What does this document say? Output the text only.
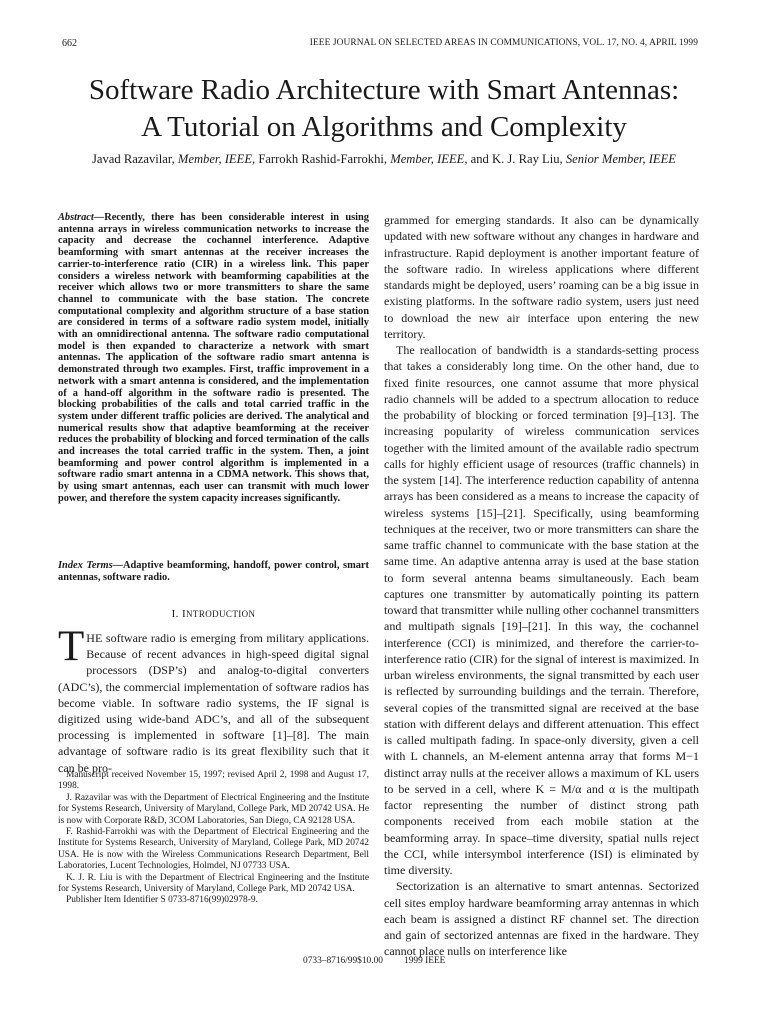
662	IEEE JOURNAL ON SELECTED AREAS IN COMMUNICATIONS, VOL. 17, NO. 4, APRIL 1999
Software Radio Architecture with Smart Antennas:
A Tutorial on Algorithms and Complexity
Javad Razavilar, Member, IEEE, Farrokh Rashid-Farrokhi, Member, IEEE, and K. J. Ray Liu, Senior Member, IEEE
Abstract—Recently, there has been considerable interest in using antenna arrays in wireless communication networks to increase the capacity and decrease the cochannel interference. Adaptive beamforming with smart antennas at the receiver increases the carrier-to-interference ratio (CIR) in a wireless link. This paper considers a wireless network with beamforming capabilities at the receiver which allows two or more transmitters to share the same channel to communicate with the base station. The concrete computational complexity and algorithm structure of a base station are considered in terms of a software radio system model, initially with an omnidirectional antenna. The software radio computational model is then expanded to characterize a network with smart antennas. The application of the software radio smart antenna is demonstrated through two examples. First, traffic improvement in a network with a smart antenna is considered, and the implementation of a hand-off algorithm in the software radio is presented. The blocking probabilities of the calls and total carried traffic in the system under different traffic policies are derived. The analytical and numerical results show that adaptive beamforming at the receiver reduces the probability of blocking and forced termination of the calls and increases the total carried traffic in the system. Then, a joint beamforming and power control algorithm is implemented in a software radio smart antenna in a CDMA network. This shows that, by using smart antennas, each user can transmit with much lower power, and therefore the system capacity increases significantly.
Index Terms—Adaptive beamforming, handoff, power control, smart antennas, software radio.
I. INTRODUCTION
THE software radio is emerging from military applications. Because of recent advances in high-speed digital signal processors (DSP’s) and analog-to-digital converters (ADC’s), the commercial implementation of software radios has become viable. In software radio systems, the IF signal is digitized using wide-band ADC’s, and all of the subsequent processing is implemented in software [1]–[8]. The main advantage of software radio is its great flexibility such that it can be pro-

Manuscript received November 15, 1997; revised April 2, 1998 and August 17, 1998.

J. Razavilar was with the Department of Electrical Engineering and the Institute for Systems Research, University of Maryland, College Park, MD 20742 USA. He is now with Corporate R&D, 3COM Laboratories, San Diego, CA 92128 USA.

F. Rashid-Farrokhi was with the Department of Electrical Engineering and the Institute for Systems Research, University of Maryland, College Park, MD 20742 USA. He is now with the Wireless Communications Research Department, Bell Laboratories, Lucent Technologies, Holmdel, NJ 07733 USA.

K. J. R. Liu is with the Department of Electrical Engineering and the Institute for Systems Research, University of Maryland, College Park, MD 20742 USA.

Publisher Item Identifier S 0733-8716(99)02978-9.

grammed for emerging standards. It also can be dynamically updated with new software without any changes in hardware and infrastructure. Rapid deployment is another important feature of the software radio. In wireless applications where different standards might be deployed, users’ roaming can be a big issue in existing platforms. In the software radio system, users just need to download the new air interface upon entering the new territory.

The reallocation of bandwidth is a standards-setting process that takes a considerably long time. On the other hand, due to fixed finite resources, one cannot assume that more physical radio channels will be added to a spectrum allocation to reduce the probability of blocking or forced termination [9]–[13]. The increasing popularity of wireless communication services together with the limited amount of the available radio spectrum calls for highly efficient usage of resources (traffic channels) in the system [14]. The interference reduction capability of antenna arrays has been considered as a means to increase the capacity of wireless systems [15]–[21]. Specifically, using beamforming techniques at the receiver, two or more transmitters can share the same traffic channel to communicate with the base station at the same time. An adaptive antenna array is used at the base station to form several antenna beams simultaneously. Each beam captures one transmitter by automatically pointing its pattern toward that transmitter while nulling other cochannel transmitters and multipath signals [19]–[21]. In this way, the cochannel interference (CCI) is minimized, and therefore the carrier-to-interference ratio (CIR) for the signal of interest is maximized. In urban wireless environments, the signal transmitted by each user is reflected by surrounding buildings and the terrain. Therefore, several copies of the transmitted signal are received at the base station with different delays and different attenuation. This effect is called multipath fading. In space-only diversity, given a cell with L channels, an M-element antenna array that forms M−1 distinct array nulls at the receiver allows a maximum of KL users to be served in a cell, where K = M/α and α is the multipath factor representing the number of distinct strong path components received from each mobile station at the beamforming array. In space–time diversity, spatial nulls reject the CCI, while intersymbol interference (ISI) is eliminated by time diversity.

Sectorization is an alternative to smart antennas. Sectorized cell sites employ hardware beamforming array antennas in which each beam is assigned a distinct RF channel set. The direction and gain of sectorized antennas are fixed in the hardware. They cannot place nulls on interference like

0733–8716/99$10.00 1999 IEEE
